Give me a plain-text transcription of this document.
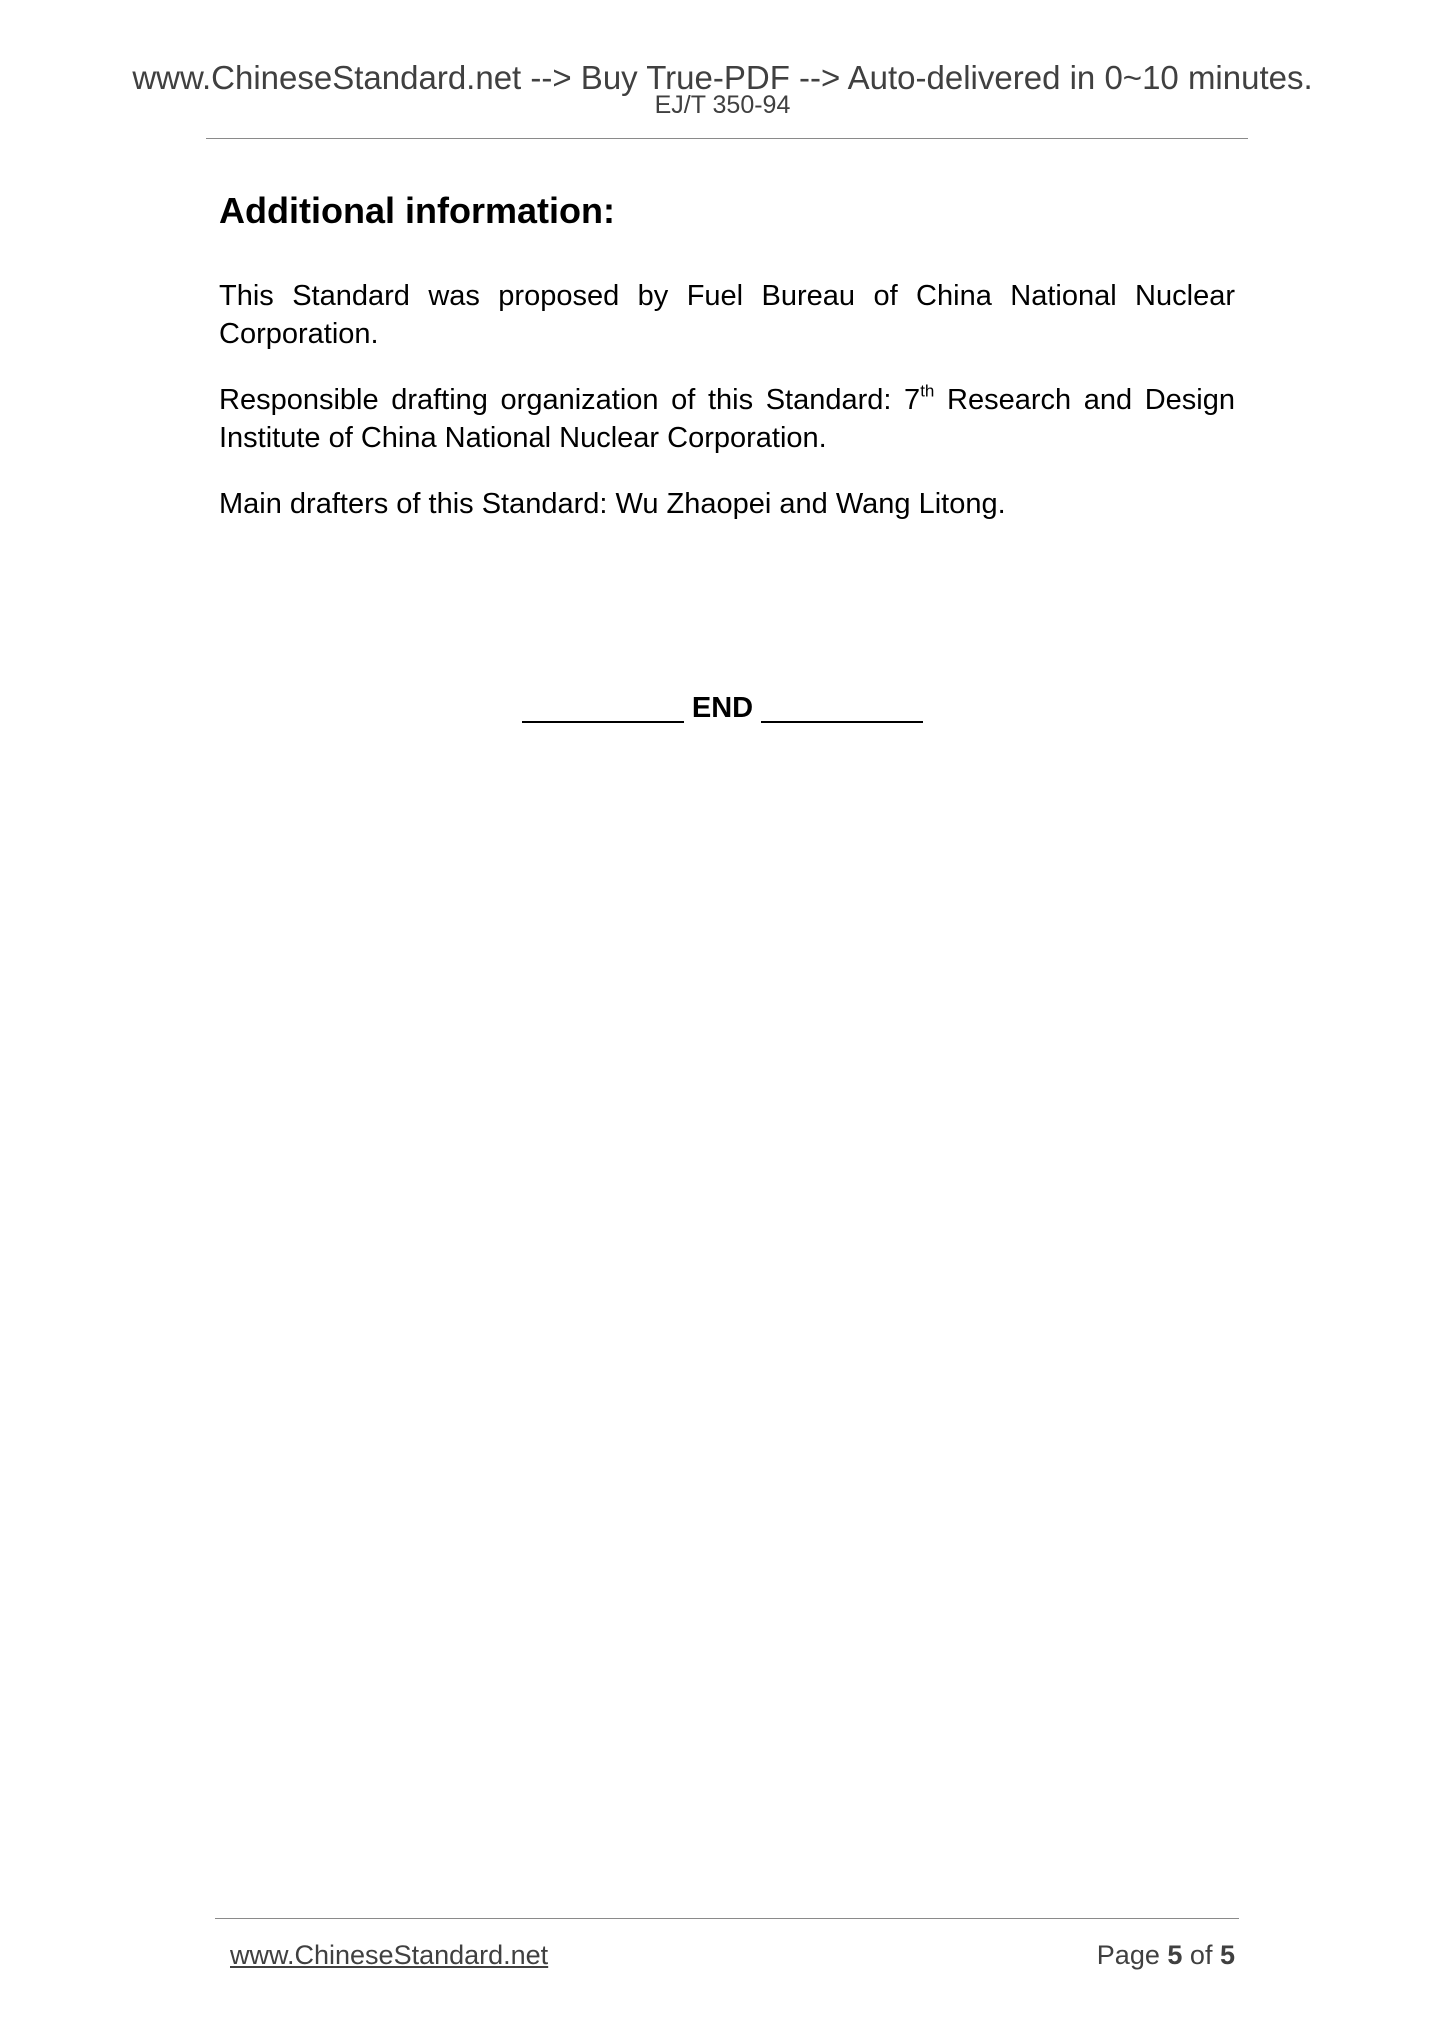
www.ChineseStandard.net --> Buy True-PDF --> Auto-delivered in 0~10 minutes.
EJ/T 350-94
Additional information:

This Standard was proposed by Fuel Bureau of China National Nuclear Corporation.

Responsible drafting organization of this Standard: 7th Research and Design Institute of China National Nuclear Corporation.

Main drafters of this Standard: Wu Zhaopei and Wang Litong.

END
www.ChineseStandard.net	Page 5 of 5
